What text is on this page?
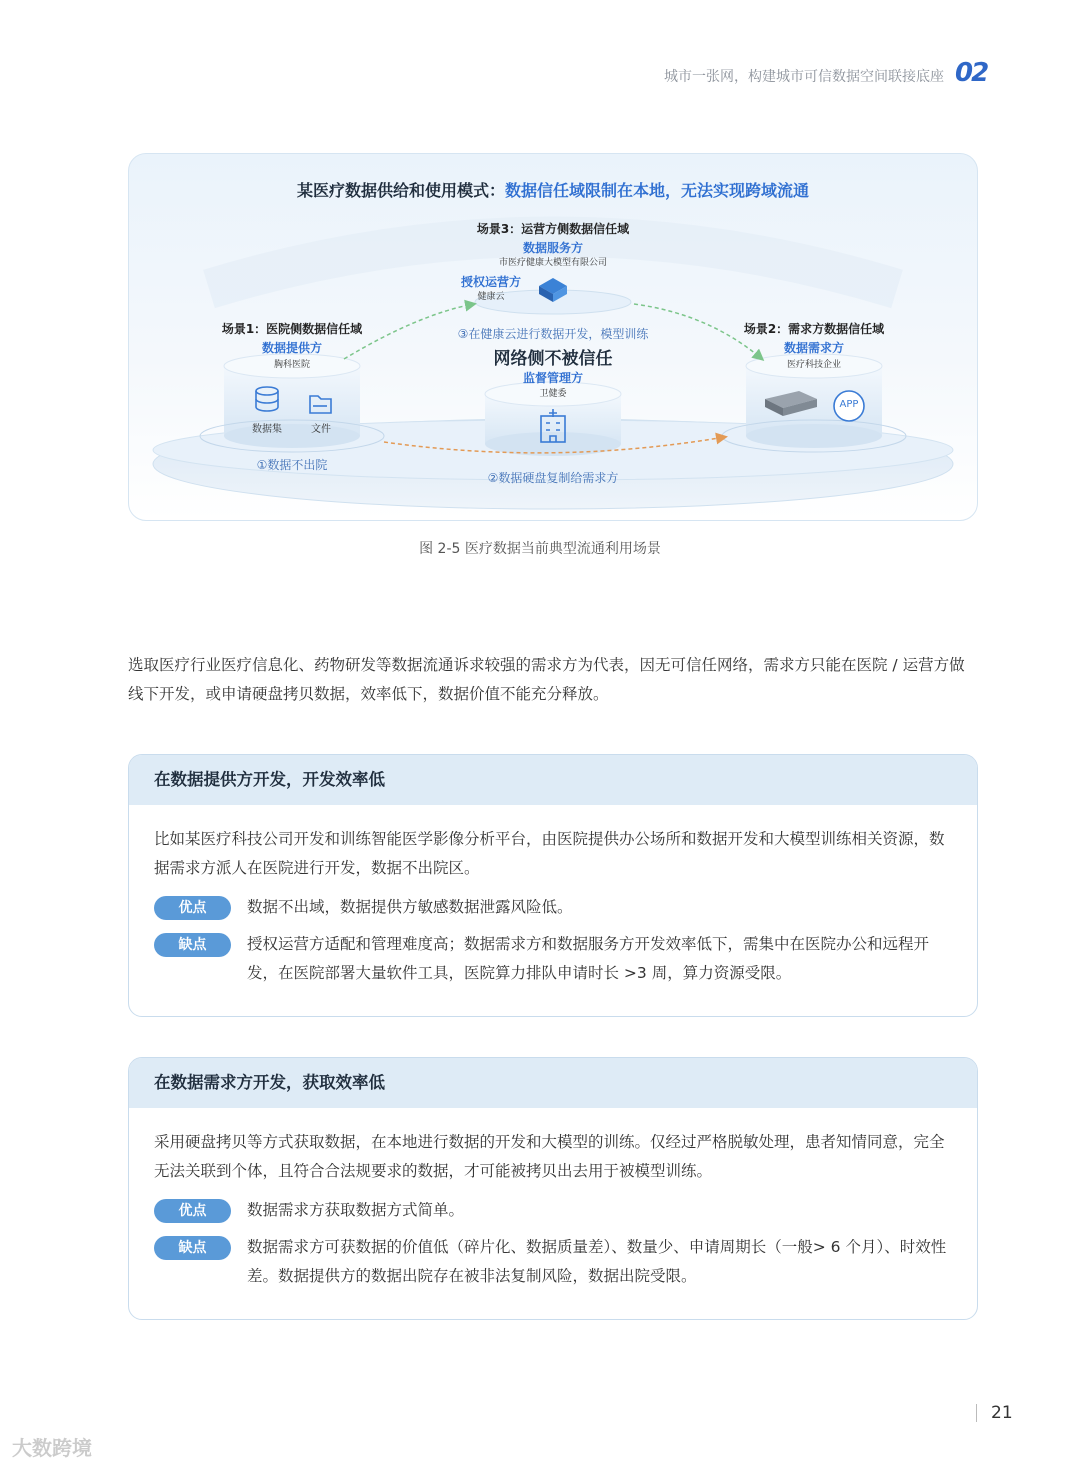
城市一张网，构建城市可信数据空间联接底座 02
某医疗数据供给和使用模式：数据信任域限制在本地，无法实现跨域流通
场景3：运营方侧数据信任域
数据服务方
市医疗健康大模型有限公司
授权运营方
健康云
场景1：医院侧数据信任域
数据提供方
胸科医院
场景2：需求方数据信任域
数据需求方
医疗科技企业
③在健康云进行数据开发，模型训练
网络侧不被信任
监督管理方
卫健委
数据集	文件
APP
①数据不出院
②数据硬盘复制给需求方
图 2-5 医疗数据当前典型流通利用场景
选取医疗行业医疗信息化、药物研发等数据流通诉求较强的需求方为代表，因无可信任网络，需求方只能在医院 / 运营方做线下开发，或申请硬盘拷贝数据，效率低下，数据价值不能充分释放。
在数据提供方开发，开发效率低
比如某医疗科技公司开发和训练智能医学影像分析平台，由医院提供办公场所和数据开发和大模型训练相关资源，数据需求方派人在医院进行开发，数据不出院区。
优点	数据不出域，数据提供方敏感数据泄露风险低。
缺点	授权运营方适配和管理难度高；数据需求方和数据服务方开发效率低下，需集中在医院办公和远程开发，在医院部署大量软件工具，医院算力排队申请时长 >3 周，算力资源受限。
在数据需求方开发，获取效率低
采用硬盘拷贝等方式获取数据，在本地进行数据的开发和大模型的训练。仅经过严格脱敏处理，患者知情同意，完全无法关联到个体，且符合合法规要求的数据，才可能被拷贝出去用于被模型训练。
优点	数据需求方获取数据方式简单。
缺点	数据需求方可获数据的价值低（碎片化、数据质量差）、数量少、申请周期长（一般> 6 个月）、时效性差。数据提供方的数据出院存在被非法复制风险，数据出院受限。
21
大数跨境
